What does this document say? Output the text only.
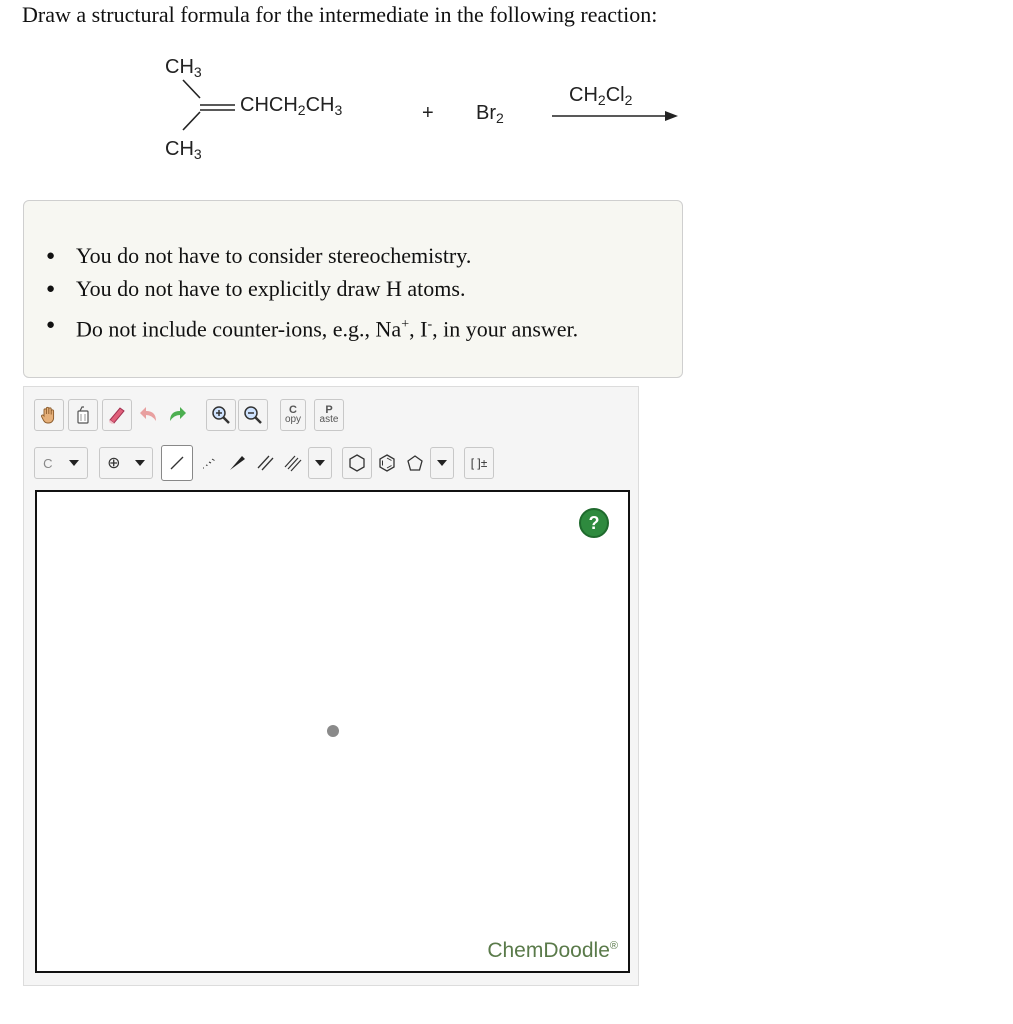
Draw a structural formula for the intermediate in the following reaction:
$CH_3$
$CH_3$
$CHCH_2CH_3$	+ $Br_2$
$CH_2Cl_2$
● You do not have to consider stereochemistry.
● You do not have to explicitly draw H atoms.
● Do not include counter-ions, e.g., Na+, I-, in your answer.
C
opy
P
aste
C	⊕	[ ]±
?
ChemDoodle®
